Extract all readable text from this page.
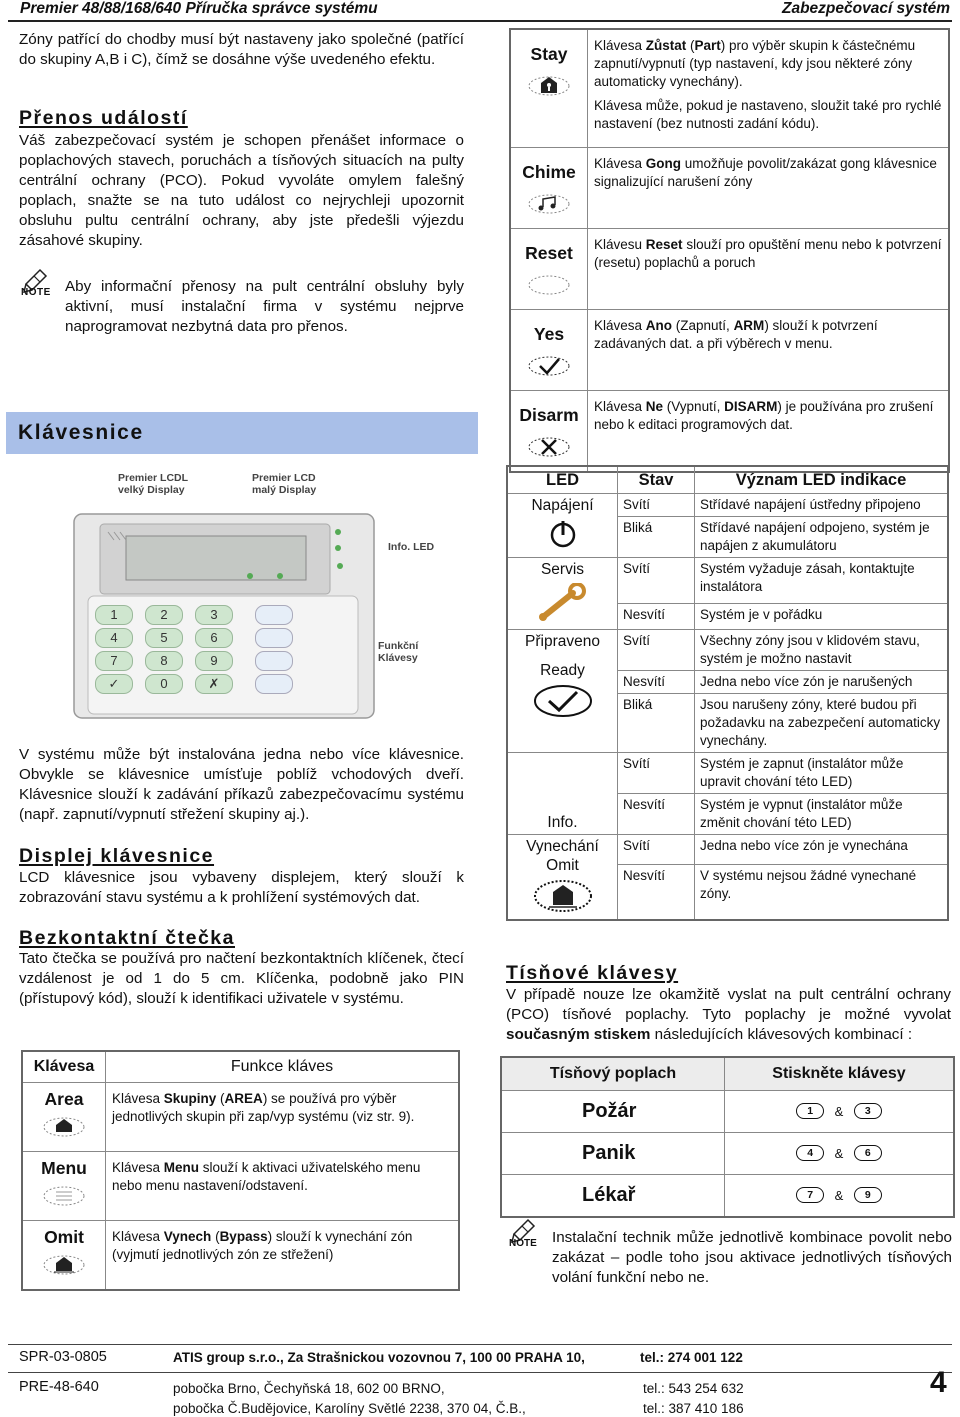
Premier 48/88/168/640 Příručka správce systému	Zabezpečovací systém
Zóny patřící do chodby musí být nastaveny jako společné (patřící do skupiny A,B i C), čímž se dosáhne výše uvedeného efektu.
Přenos událostí
Váš zabezpečovací systém je schopen přenášet informace o poplachových stavech, poruchách a tísňových situacích na pulty centrální ochrany (PCO). Pokud vyvoláte omylem falešný poplach, snažte se na tuto událost co nejrychleji upozornit obsluhu pultu centrální ochrany, aby jste předešli výjezdu zásahové skupiny.
NOTE Aby informační přenosy na pult centrální obsluhy byly aktivní, musí instalační firma v systému nejprve naprogramovat nezbytná data pro přenos.
Klávesnice
Premier LCDL
velký Display
Premier LCD
malý Display
Info. LED
Funkční
Klávesy
1	2	3
4	5	6
7	8	9
✓	0	✗
V systému může být instalována jedna nebo více klávesnice. Obvykle se klávesnice umísťuje poblíž vchodových dveří. Klávesnice slouží k zadávání příkazů zabezpečovacímu systému (např. zapnutí/vypnutí střežení skupiny aj.).
Displej klávesnice
LCD klávesnice jsou vybaveny displejem, který slouží k zobrazování stavu systému a k prohlížení systémových dat.
Bezkontaktní čtečka
Tato čtečka se používá pro načtení bezkontaktních klíčenek, čtecí vzdálenost je od 1 do 5 cm. Klíčenka, podobně jako PIN (přístupový kód), slouží k identifikaci uživatele v systému.
Klávesa	Funkce kláves

Area	Klávesa Skupiny (AREA) se používá pro výběr jednotlivých skupin při zap/vyp systému (viz str. 9).

Menu	Klávesa Menu slouží k aktivaci uživatelského menu nebo menu nastavení/odstavení.

Omit	Klávesa Vynech (Bypass) slouží k vynechání zón (vyjmutí jednotlivých zón ze střežení)
Stay	Klávesa Zůstat (Part) pro výběr skupin k částečnému zapnutí/vypnutí (typ nastavení, kdy jsou některé zóny automaticky vynechány).
Klávesa může, pokud je nastaveno, sloužit také pro rychlé nastavení (bez nutnosti zadání kódu).

Chime	Klávesa Gong umožňuje povolit/zakázat gong klávesnice signalizující narušení zóny

Reset	Klávesu Reset slouží pro opuštění menu nebo k potvrzení (resetu) poplachů a poruch

Yes	Klávesa Ano (Zapnutí, ARM) slouží k potvrzení zadávaných dat. a při výběrech v menu.

Disarm	Klávesa Ne (Vypnutí, DISARM) je používána pro zrušení nebo k editaci programových dat.
LED	Stav	Význam LED indikace

Napájení	Svítí	Střídavé napájení ústředny připojeno
	Bliká	Střídavé napájení odpojeno, systém je napájen z akumulátoru

Servis	Svítí	Systém vyžaduje zásah, kontaktujte instalátora
	Nesvítí	Systém je v pořádku

Připraveno
Ready	Svítí	Všechny zóny jsou v klidovém stavu, systém je možno nastavit
	Nesvítí	Jedna nebo více zón je narušených
	Bliká	Jsou narušeny zóny, které budou při požadavku na zabezpečení automaticky vynechány.

Info.	Svítí	Systém je zapnut (instalátor může upravit chování této LED)
	Nesvítí	Systém je vypnut (instalátor může změnit chování této LED)

Vynechání
Omit	Svítí	Jedna nebo více zón je vynechána
	Nesvítí	V systému nejsou žádné vynechané zóny.
Tísňové klávesy
V případě nouze lze okamžitě vyslat na pult centrální ochrany (PCO) tísňové poplachy. Tyto poplachy je možné vyvolat současným stiskem následujících klávesových kombinací :
Tísňový poplach	Stiskněte klávesy
Požár	1 & 3
Panik	4 & 6
Lékař	7 & 9
NOTE Instalační technik může jednotlivě kombinace povolit nebo zakázat – podle toho jsou aktivace jednotlivých tísňových volání funkční nebo ne.
SPR-03-0805	ATIS group s.r.o., Za Strašnickou vozovnou 7, 100 00 PRAHA 10,	tel.: 274 001 122
PRE-48-640	pobočka Brno, Čechyňská 18, 602 00 BRNO,	tel.: 543 254 632
pobočka Č.Budějovice, Karolíny Světlé 2238, 370 04, Č.B.,	tel.: 387 410 186
4
